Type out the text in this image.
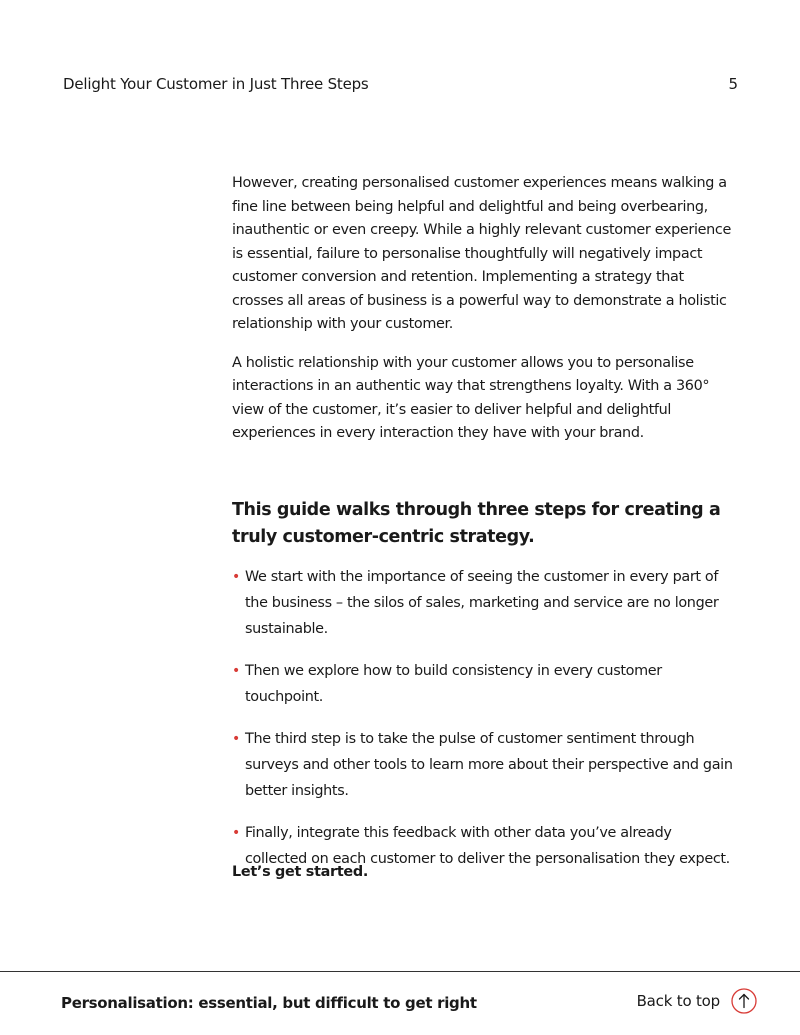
Delight Your Customer in Just Three Steps	5

However, creating personalised customer experiences means walking a fine line between being helpful and delightful and being overbearing, inauthentic or even creepy. While a highly relevant customer experience is essential, failure to personalise thoughtfully will negatively impact customer conversion and retention. Implementing a strategy that crosses all areas of business is a powerful way to demonstrate a holistic relationship with your customer.

A holistic relationship with your customer allows you to personalise interactions in an authentic way that strengthens loyalty. With a 360° view of the customer, it’s easier to deliver helpful and delightful experiences in every interaction they have with your brand.

This guide walks through three steps for creating a truly customer-centric strategy.
• We start with the importance of seeing the customer in every part of the business – the silos of sales, marketing and service are no longer sustainable.
• Then we explore how to build consistency in every customer touchpoint.
• The third step is to take the pulse of customer sentiment through surveys and other tools to learn more about their perspective and gain better insights.
• Finally, integrate this feedback with other data you’ve already collected on each customer to deliver the personalisation they expect.

Let’s get started.

Personalisation: essential, but difficult to get right	Back to top
